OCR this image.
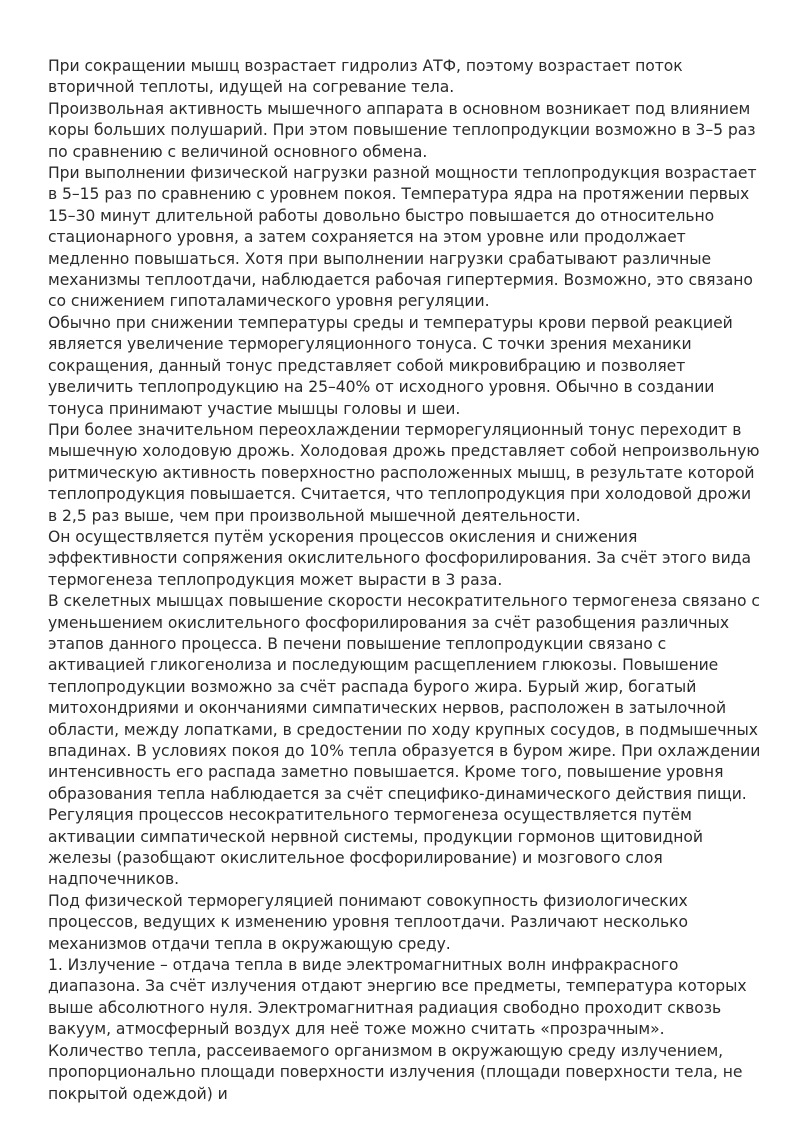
При сокращении мышц возрастает гидролиз АТФ, поэтому возрастает поток вторичной теплоты, идущей на согревание тела.

Произвольная активность мышечного аппарата в основном возникает под влиянием коры больших полушарий. При этом повышение теплопродукции возможно в 3–5 раз по сравнению с величиной основного обмена.

При выполнении физической нагрузки разной мощности теплопродукция возрастает в 5–15 раз по сравнению с уровнем покоя. Температура ядра на протяжении первых 15–30 минут длительной работы довольно быстро повышается до относительно стационарного уровня, а затем сохраняется на этом уровне или продолжает медленно повышаться. Хотя при выполнении нагрузки срабатывают различные механизмы теплоотдачи, наблюдается рабочая гипертермия. Возможно, это связано со снижением гипоталамического уровня регуляции.

Обычно при снижении температуры среды и температуры крови первой реакцией является увеличение терморегуляционного тонуса. С точки зрения механики сокращения, данный тонус представляет собой микровибрацию и позволяет увеличить теплопродукцию на 25–40% от исходного уровня. Обычно в создании тонуса принимают участие мышцы головы и шеи.

При более значительном переохлаждении терморегуляционный тонус переходит в мышечную холодовую дрожь. Холодовая дрожь представляет собой непроизвольную ритмическую активность поверхностно расположенных мышц, в результате которой теплопродукция повышается. Считается, что теплопродукция при холодовой дрожи в 2,5 раз выше, чем при произвольной мышечной деятельности.

Он осуществляется путём ускорения процессов окисления и снижения эффективности сопряжения окислительного фосфорилирования. За счёт этого вида термогенеза теплопродукция может вырасти в 3 раза.

В скелетных мышцах повышение скорости несократительного термогенеза связано с уменьшением окислительного фосфорилирования за счёт разобщения различных этапов данного процесса. В печени повышение теплопродукции связано с активацией гликогенолиза и последующим расщеплением глюкозы. Повышение теплопродукции возможно за счёт распада бурого жира. Бурый жир, богатый митохондриями и окончаниями симпатических нервов, расположен в затылочной области, между лопатками, в средостении по ходу крупных сосудов, в подмышечных впадинах. В условиях покоя до 10% тепла образуется в буром жире. При охлаждении интенсивность его распада заметно повышается. Кроме того, повышение уровня образования тепла наблюдается за счёт специфико-динамического действия пищи.

Регуляция процессов несократительного термогенеза осуществляется путём активации симпатической нервной системы, продукции гормонов щитовидной железы (разобщают окислительное фосфорилирование) и мозгового слоя надпочечников.

Под физической терморегуляцией понимают совокупность физиологических процессов, ведущих к изменению уровня теплоотдачи. Различают несколько механизмов отдачи тепла в окружающую среду.

1. Излучение – отдача тепла в виде электромагнитных волн инфракрасного диапазона. За счёт излучения отдают энергию все предметы, температура которых выше абсолютного нуля. Электромагнитная радиация свободно проходит сквозь вакуум, атмосферный воздух для неё тоже можно считать «прозрачным». Количество тепла, рассеиваемого организмом в окружающую среду излучением, пропорционально площади поверхности излучения (площади поверхности тела, не покрытой одеждой) и
